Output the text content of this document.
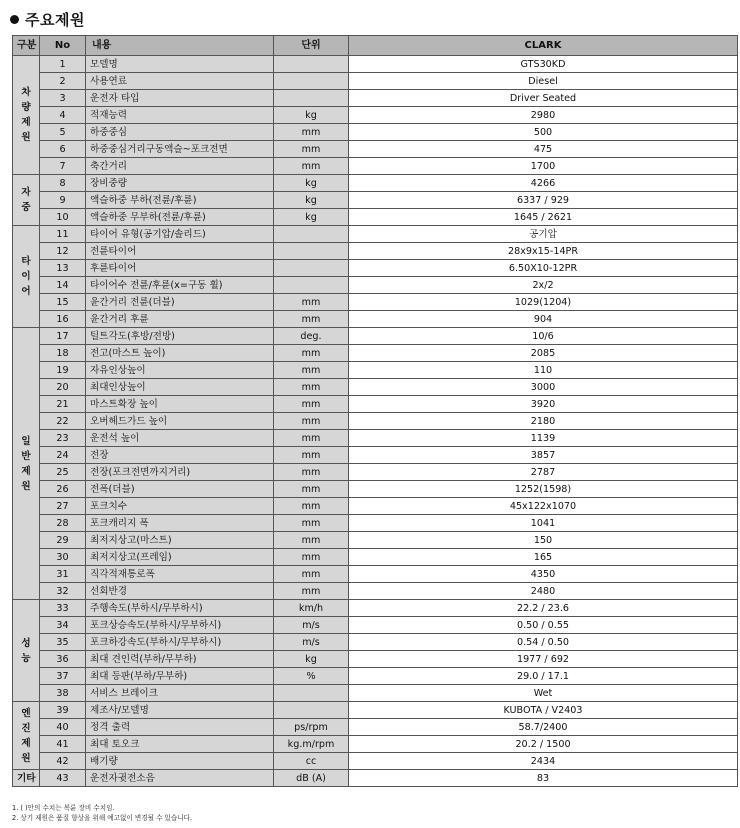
주요제원
구분	No	내용	단위	CLARK

차
량
제
원	1	모델명		GTS30KD
	2	사용연료		Diesel
	3	운전자 타입		Driver Seated
	4	적재능력	kg	2980
	5	하중중심	mm	500
	6	하중중심거리구동액슬~포크전면	mm	475
	7	축간거리	mm	1700

자
중	8	장비중량	kg	4266
	9	액슬하중 부하(전륜/후륜)	kg	6337 / 929
	10	액슬하중 무부하(전륜/후륜)	kg	1645 / 2621

타
이
어	11	타이어 유형(공기압/솔리드)		공기압
	12	전륜타이어		28x9x15-14PR
	13	후륜타이어		6.50X10-12PR
	14	타이어수 전륜/후륜(x=구동 휠)		2x/2
	15	윤간거리 전륜(더블)	mm	1029(1204)
	16	윤간거리 후륜	mm	904

일
반
제
원	17	틸트각도(후방/전방)	deg.	10/6
	18	전고(마스트 높이)	mm	2085
	19	자유인상높이	mm	110
	20	최대인상높이	mm	3000
	21	마스트확장 높이	mm	3920
	22	오버헤드가드 높이	mm	2180
	23	운전석 높이	mm	1139
	24	전장	mm	3857
	25	전장(포크전면까지거리)	mm	2787
	26	전폭(더블)	mm	1252(1598)
	27	포크치수	mm	45x122x1070
	28	포크캐리지 폭	mm	1041
	29	최저지상고(마스트)	mm	150
	30	최저지상고(프레임)	mm	165
	31	직각적재통로폭	mm	4350
	32	선회반경	mm	2480

성
능	33	주행속도(부하시/무부하시)	km/h	22.2 / 23.6
	34	포크상승속도(부하시/무부하시)	m/s	0.50 / 0.55
	35	포크하강속도(부하시/무부하시)	m/s	0.54 / 0.50
	36	최대 견인력(부하/무부하)	kg	1977 / 692
	37	최대 등판(부하/무부하)	%	29.0 / 17.1
	38	서비스 브레이크		Wet

엔
진
제
원	39	제조사/모델명		KUBOTA / V2403
	40	정격 출력	ps/rpm	58.7/2400
	41	최대 토오크	kg.m/rpm	20.2 / 1500
	42	배기량	cc	2434

기타	43	운전자귓전소음	dB (A)	83
1. ( )안의 수치는 복륜 장비 수치임.
2. 상기 제원은 품질 향상을 위해 예고없이 변경될 수 있습니다.
